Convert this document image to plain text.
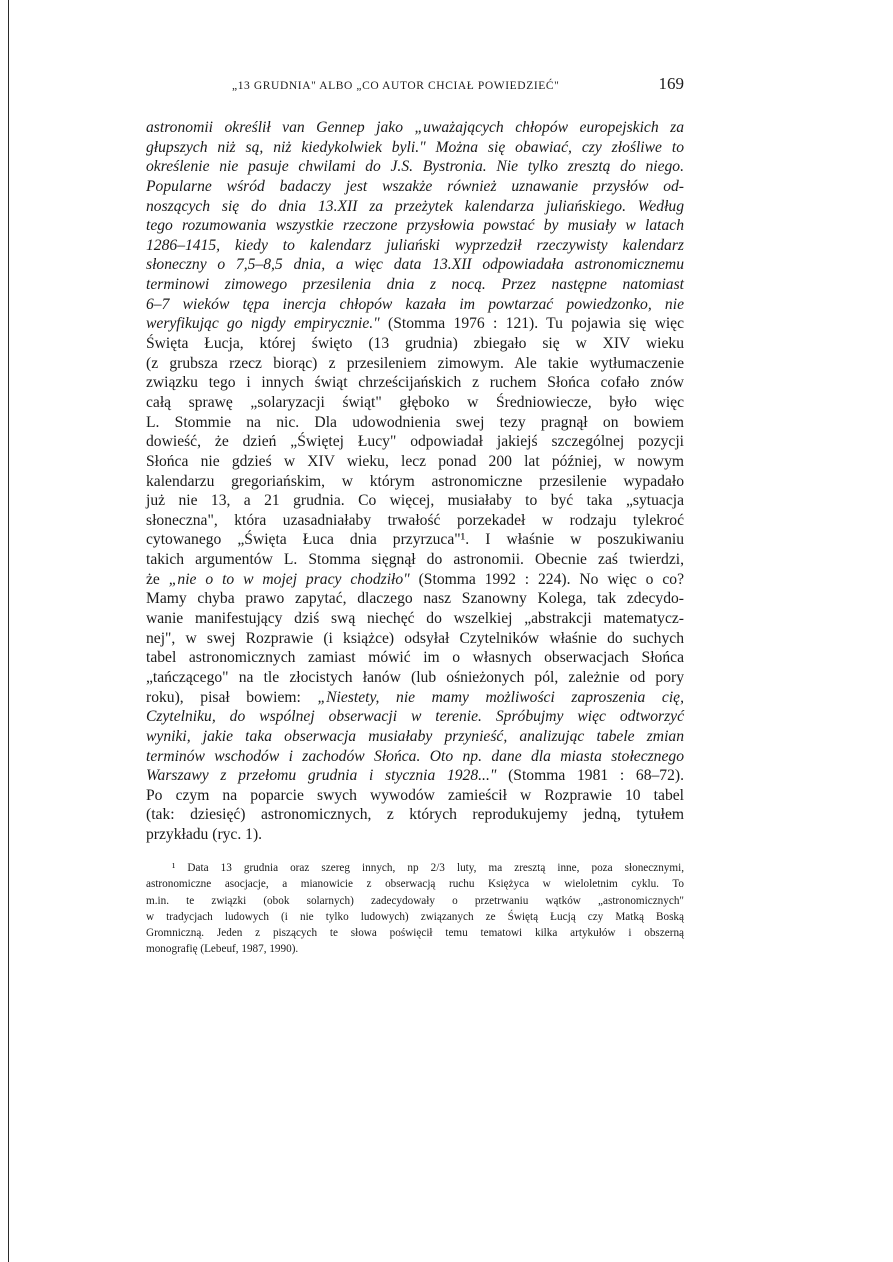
„13 GRUDNIA" ALBO „CO AUTOR CHCIAŁ POWIEDZIEĆ"	169
astronomii określił van Gennep jako „uważających chłopów europejskich za
głupszych niż są, niż kiedykolwiek byli." Można się obawiać, czy złośliwe to
określenie nie pasuje chwilami do J.S. Bystronia. Nie tylko zresztą do niego.
Popularne wśród badaczy jest wszakże również uznawanie przysłów od-
noszących się do dnia 13.XII za przeżytek kalendarza juliańskiego. Według
tego rozumowania wszystkie rzeczone przysłowia powstać by musiały w latach
1286–1415, kiedy to kalendarz juliański wyprzedził rzeczywisty kalendarz
słoneczny o 7,5–8,5 dnia, a więc data 13.XII odpowiadała astronomicznemu
terminowi zimowego przesilenia dnia z nocą. Przez następne natomiast
6–7 wieków tępa inercja chłopów kazała im powtarzać powiedzonko, nie
weryfikując go nigdy empirycznie." (Stomma 1976 : 121). Tu pojawia się więc
Święta Łucja, której święto (13 grudnia) zbiegało się w XIV wieku
(z grubsza rzecz biorąc) z przesileniem zimowym. Ale takie wytłumaczenie
związku tego i innych świąt chrześcijańskich z ruchem Słońca cofało znów
całą sprawę „solaryzacji świąt" głęboko w Średniowiecze, było więc
L. Stommie na nic. Dla udowodnienia swej tezy pragnął on bowiem
dowieść, że dzień „Świętej Łucy" odpowiadał jakiejś szczególnej pozycji
Słońca nie gdzieś w XIV wieku, lecz ponad 200 lat później, w nowym
kalendarzu gregoriańskim, w którym astronomiczne przesilenie wypadało
już nie 13, a 21 grudnia. Co więcej, musiałaby to być taka „sytuacja
słoneczna", która uzasadniałaby trwałość porzekadeł w rodzaju tylekroć
cytowanego „Święta Łuca dnia przyrzuca"¹. I właśnie w poszukiwaniu
takich argumentów L. Stomma sięgnął do astronomii. Obecnie zaś twierdzi,
że „nie o to w mojej pracy chodziło" (Stomma 1992 : 224). No więc o co?
Mamy chyba prawo zapytać, dlaczego nasz Szanowny Kolega, tak zdecydo-
wanie manifestujący dziś swą niechęć do wszelkiej „abstrakcji matematycz-
nej", w swej Rozprawie (i książce) odsyłał Czytelników właśnie do suchych
tabel astronomicznych zamiast mówić im o własnych obserwacjach Słońca
„tańczącego" na tle złocistych łanów (lub ośnieżonych pól, zależnie od pory
roku), pisał bowiem: „Niestety, nie mamy możliwości zaproszenia cię,
Czytelniku, do wspólnej obserwacji w terenie. Spróbujmy więc odtworzyć
wyniki, jakie taka obserwacja musiałaby przynieść, analizując tabele zmian
terminów wschodów i zachodów Słońca. Oto np. dane dla miasta stołecznego
Warszawy z przełomu grudnia i stycznia 1928..." (Stomma 1981 : 68–72).
Po czym na poparcie swych wywodów zamieścił w Rozprawie 10 tabel
(tak: dziesięć) astronomicznych, z których reprodukujemy jedną, tytułem
przykładu (ryc. 1).
¹ Data 13 grudnia oraz szereg innych, np 2/3 luty, ma zresztą inne, poza słonecznymi,
astronomiczne asocjacje, a mianowicie z obserwacją ruchu Księżyca w wieloletnim cyklu. To
m.in. te związki (obok solarnych) zadecydowały o przetrwaniu wątków „astronomicznych"
w tradycjach ludowych (i nie tylko ludowych) związanych ze Świętą Łucją czy Matką Boską
Gromniczną. Jeden z piszących te słowa poświęcił temu tematowi kilka artykułów i obszerną
monografię (Lebeuf, 1987, 1990).
